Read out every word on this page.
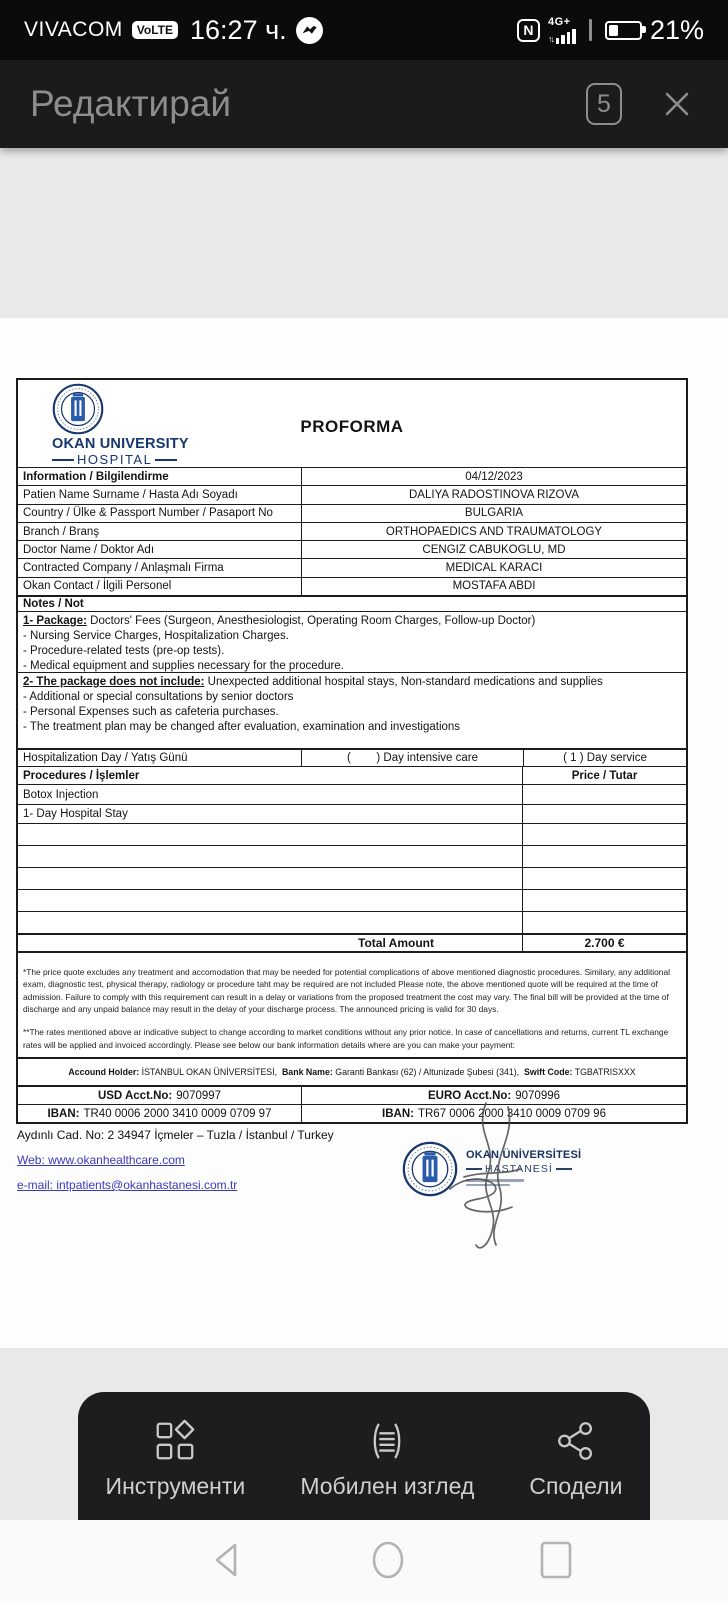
VIVACOM	VoLTE 16:27 ч.	N
4G+
↑↓	21%
Редактирай	5
OKAN UNIVERSITY
HOSPITAL
PROFORMA
Information / Bilgilendirme	04/12/2023
Patien Name Surname / Hasta Adı Soyadı	DALIYA RADOSTINOVA RIZOVA
Country / Ülke & Passport Number / Pasaport No	BULGARIA
Branch / Branş	ORTHOPAEDICS AND TRAUMATOLOGY
Doctor Name / Doktor Adı	CENGIZ CABUKOGLU, MD
Contracted Company / Anlaşmalı Firma	MEDICAL KARACI
Okan Contact / İlgili Personel	MOSTAFA ABDI
Notes / Not
1- Package: Doctors' Fees (Surgeon, Anesthesiologist, Operating Room Charges, Follow-up Doctor)
- Nursing Service Charges, Hospitalization Charges.
- Procedure-related tests (pre-op tests).
- Medical equipment and supplies necessary for the procedure.
2- The package does not include: Unexpected additional hospital stays, Non-standard medications and supplies
- Additional or special consultations by senior doctors
- Personal Expenses such as cafeteria purchases.
- The treatment plan may be changed after evaluation, examination and investigations
Hospitalization Day / Yatış Günü	(        ) Day intensive care	( 1 ) Day service
Procedures / İşlemler	Price / Tutar
Botox Injection
1- Day Hospital Stay
Total Amount	2.700 €

*The price quote excludes any treatment and accomodation that may be needed for potential complications of above mentioned diagnostic procedures. Similary, any additional exam, diagnostic test, physical therapy, radiology or procedure taht may be required are not included Please note, the above mentioned quote will be required at the time of admission. Failure to comply with this requirement can result in a delay or variations from the proposed treatment the cost may vary. The final bill will be provided at the time of discharge and any unpaid balance may result in the delay of your discharge process. The announced pricing is valid for 30 days.

**The rates mentioned above ar indicative subject to change according to market conditions without any prior notice. In case of cancellations and returns, current TL exchange rates will be applied and invoiced accordingly. Please see below our bank information details where are you can make your payment:

Accound Holder: İSTANBUL OKAN ÜNİVERSİTESİ, Bank Name: Garanti Bankası (62) / Altunizade Şubesi (341), Swift Code: TGBATRISXXX
USD Acct.No: 9070997	EURO Acct.No: 9070996
IBAN: TR40 0006 2000 3410 0009 0709 97	IBAN: TR67 0006 2000 3410 0009 0709 96
Aydınlı Cad. No: 2 34947 İçmeler – Tuzla / İstanbul / Turkey
Web: www.okanhealthcare.com
e-mail: intpatients@okanhastanesi.com.tr
OKAN ÜNİVERSİTESİ
HASTANESİ
Инструменти Мобилен изглед Сподели
